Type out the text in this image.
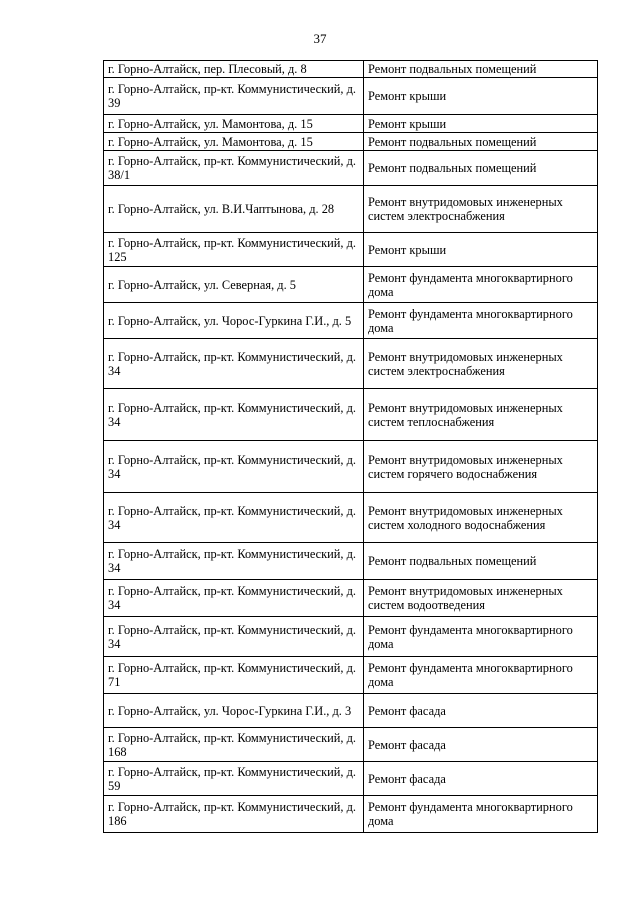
37
г. Горно-Алтайск, пер. Плесовый, д. 8	Ремонт подвальных помещений
г. Горно-Алтайск, пр-кт. Коммунистический, д. 39	Ремонт крыши
г. Горно-Алтайск, ул. Мамонтова, д. 15	Ремонт крыши
г. Горно-Алтайск, ул. Мамонтова, д. 15	Ремонт подвальных помещений
г. Горно-Алтайск, пр-кт. Коммунистический, д. 38/1	Ремонт подвальных помещений
г. Горно-Алтайск, ул. В.И.Чаптынова, д. 28	Ремонт внутридомовых инженерных систем электроснабжения
г. Горно-Алтайск, пр-кт. Коммунистический, д. 125	Ремонт крыши
г. Горно-Алтайск, ул. Северная, д. 5	Ремонт фундамента многоквартирного дома
г. Горно-Алтайск, ул. Чорос-Гуркина Г.И., д. 5	Ремонт фундамента многоквартирного дома
г. Горно-Алтайск, пр-кт. Коммунистический, д. 34	Ремонт внутридомовых инженерных систем электроснабжения
г. Горно-Алтайск, пр-кт. Коммунистический, д. 34	Ремонт внутридомовых инженерных систем теплоснабжения
г. Горно-Алтайск, пр-кт. Коммунистический, д. 34	Ремонт внутридомовых инженерных систем горячего водоснабжения
г. Горно-Алтайск, пр-кт. Коммунистический, д. 34	Ремонт внутридомовых инженерных систем холодного водоснабжения
г. Горно-Алтайск, пр-кт. Коммунистический, д. 34	Ремонт подвальных помещений
г. Горно-Алтайск, пр-кт. Коммунистический, д. 34	Ремонт внутридомовых инженерных систем водоотведения
г. Горно-Алтайск, пр-кт. Коммунистический, д. 34	Ремонт фундамента многоквартирного дома
г. Горно-Алтайск, пр-кт. Коммунистический, д. 71	Ремонт фундамента многоквартирного дома
г. Горно-Алтайск, ул. Чорос-Гуркина Г.И., д. 3	Ремонт фасада
г. Горно-Алтайск, пр-кт. Коммунистический, д. 168	Ремонт фасада
г. Горно-Алтайск, пр-кт. Коммунистический, д. 59	Ремонт фасада
г. Горно-Алтайск, пр-кт. Коммунистический, д. 186	Ремонт фундамента многоквартирного дома
